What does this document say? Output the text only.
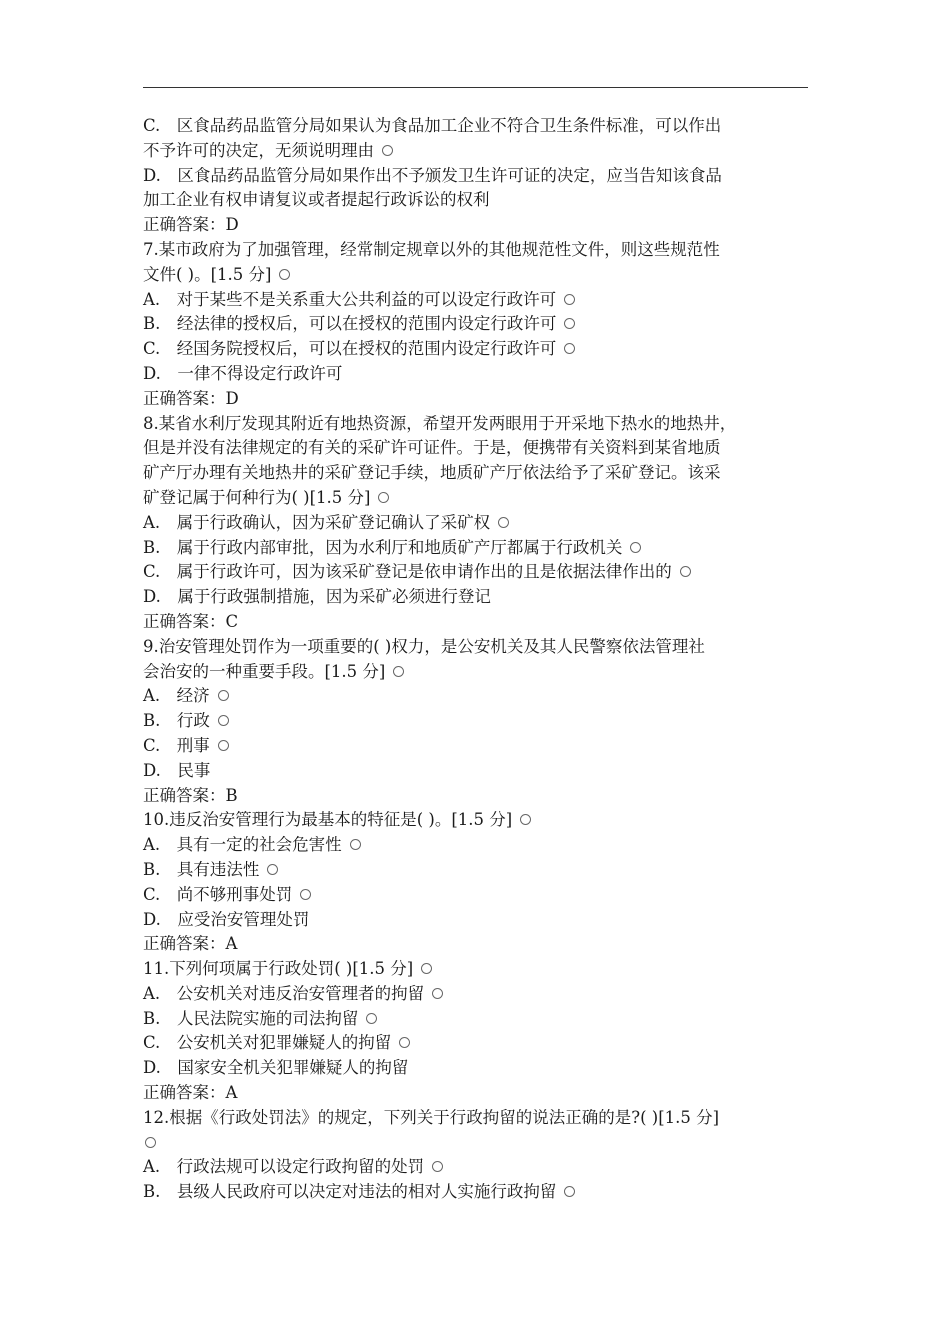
C.　区食品药品监管分局如果认为食品加工企业不符合卫生条件标准，可以作出
不予许可的决定，无须说明理由
D.　区食品药品监管分局如果作出不予颁发卫生许可证的决定，应当告知该食品
加工企业有权申请复议或者提起行政诉讼的权利
正确答案：D
7.某市政府为了加强管理，经常制定规章以外的其他规范性文件，则这些规范性
文件( )。[1.5 分]
A.　对于某些不是关系重大公共利益的可以设定行政许可
B.　经法律的授权后，可以在授权的范围内设定行政许可
C.　经国务院授权后，可以在授权的范围内设定行政许可
D.　一律不得设定行政许可
正确答案：D
8.某省水利厅发现其附近有地热资源，希望开发两眼用于开采地下热水的地热井，
但是并没有法律规定的有关的采矿许可证件。于是，便携带有关资料到某省地质
矿产厅办理有关地热井的采矿登记手续，地质矿产厅依法给予了采矿登记。该采
矿登记属于何种行为( )[1.5 分]
A.　属于行政确认，因为采矿登记确认了采矿权
B.　属于行政内部审批，因为水利厅和地质矿产厅都属于行政机关
C.　属于行政许可，因为该采矿登记是依申请作出的且是依据法律作出的
D.　属于行政强制措施，因为采矿必须进行登记
正确答案：C
9.治安管理处罚作为一项重要的( )权力，是公安机关及其人民警察依法管理社
会治安的一种重要手段。[1.5 分]
A.　经济
B.　行政
C.　刑事
D.　民事
正确答案：B
10.违反治安管理行为最基本的特征是( )。[1.5 分]
A.　具有一定的社会危害性
B.　具有违法性
C.　尚不够刑事处罚
D.　应受治安管理处罚
正确答案：A
11.下列何项属于行政处罚( )[1.5 分]
A.　公安机关对违反治安管理者的拘留
B.　人民法院实施的司法拘留
C.　公安机关对犯罪嫌疑人的拘留
D.　国家安全机关犯罪嫌疑人的拘留
正确答案：A
12.根据《行政处罚法》的规定，下列关于行政拘留的说法正确的是?( )[1.5 分]
A.　行政法规可以设定行政拘留的处罚
B.　县级人民政府可以决定对违法的相对人实施行政拘留
